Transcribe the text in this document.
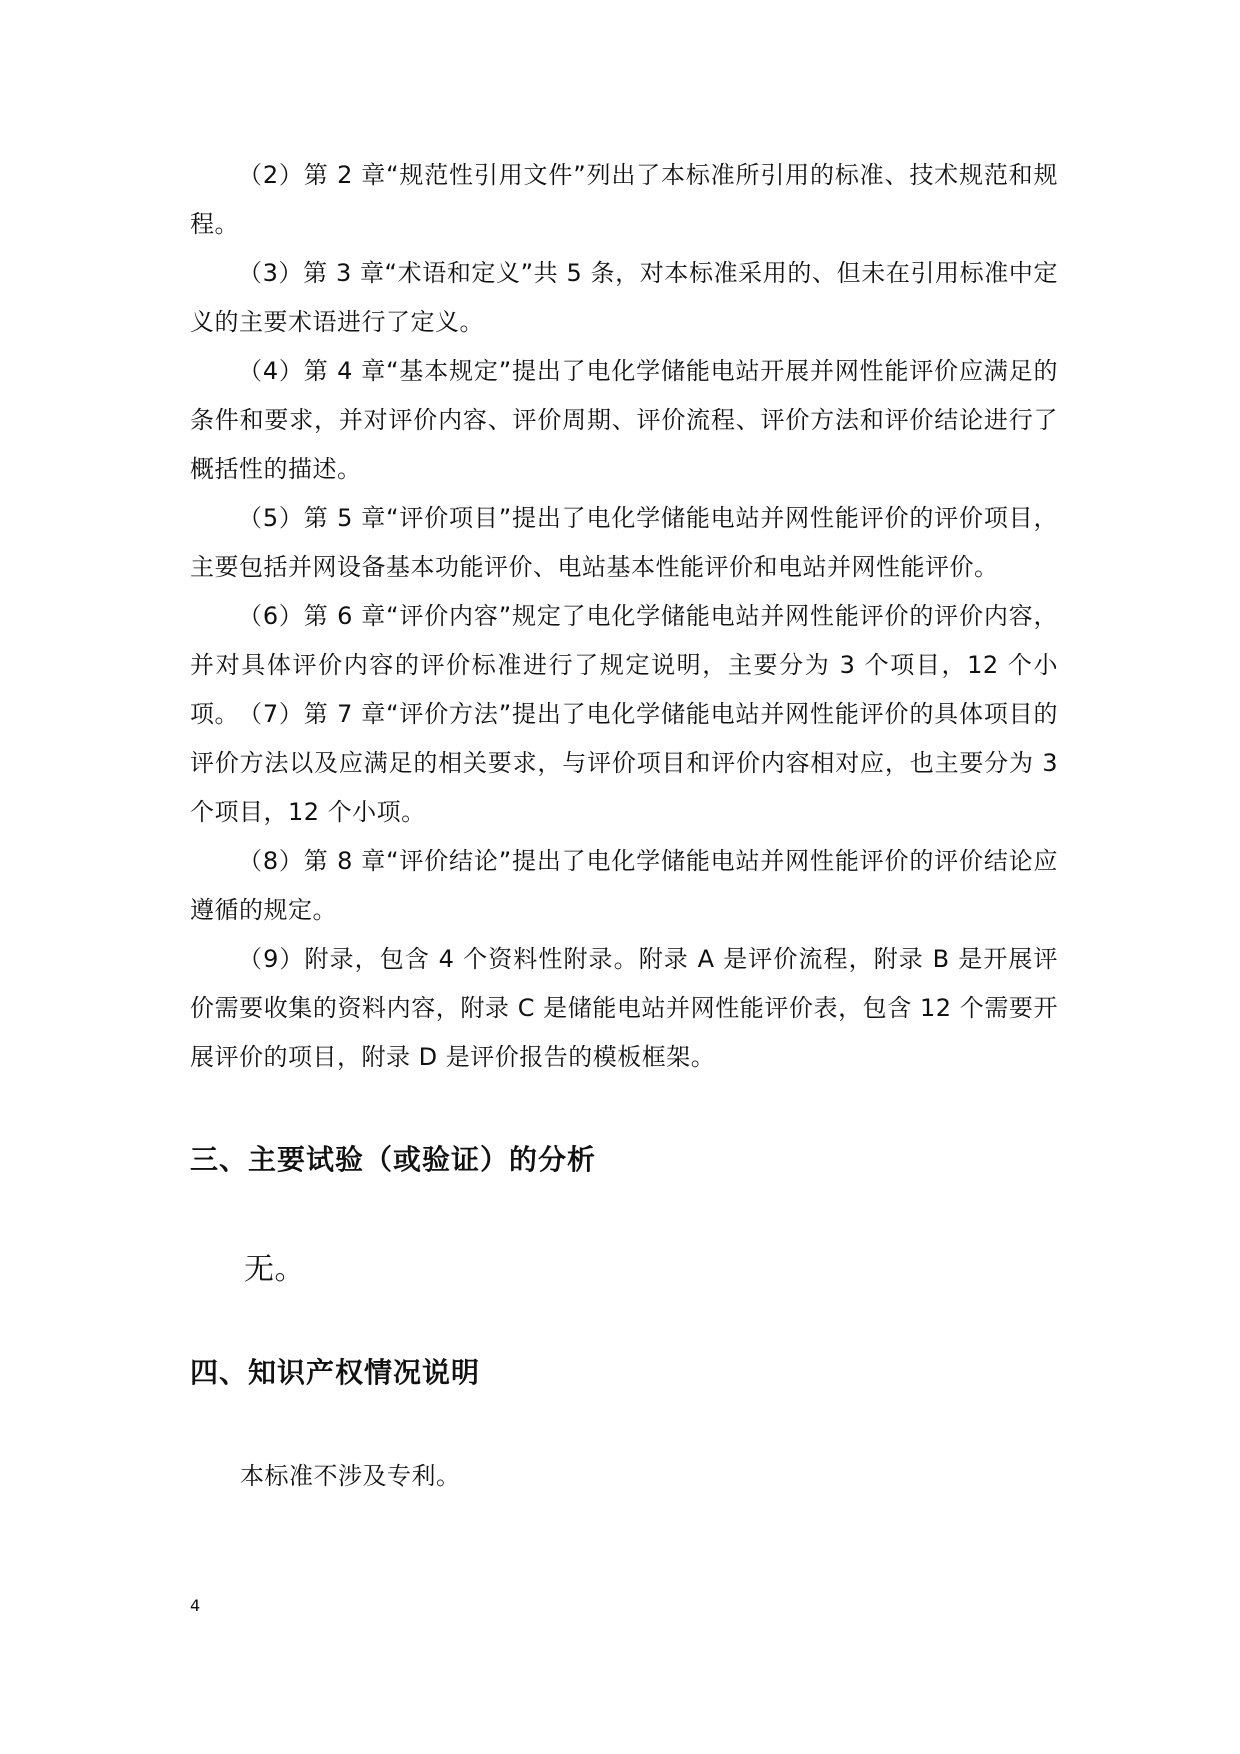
（2）第 2 章“规范性引用文件”列出了本标准所引用的标准、技术规范和规程。

（3）第 3 章“术语和定义”共 5 条，对本标准采用的、但未在引用标准中定义的主要术语进行了定义。

（4）第 4 章“基本规定”提出了电化学储能电站开展并网性能评价应满足的条件和要求，并对评价内容、评价周期、评价流程、评价方法和评价结论进行了概括性的描述。

（5）第 5 章“评价项目”提出了电化学储能电站并网性能评价的评价项目，主要包括并网设备基本功能评价、电站基本性能评价和电站并网性能评价。

（6）第 6 章“评价内容”规定了电化学储能电站并网性能评价的评价内容，并对具体评价内容的评价标准进行了规定说明，主要分为 3 个项目，12 个小项。 （7）第 7 章“评价方法”提出了电化学储能电站并网性能评价的具体项目的评价方法以及应满足的相关要求，与评价项目和评价内容相对应，也主要分为 3 个项目，12 个小项。

（8）第 8 章“评价结论”提出了电化学储能电站并网性能评价的评价结论应遵循的规定。

（9）附录，包含 4 个资料性附录。附录 A 是评价流程，附录 B 是开展评价需要收集的资料内容，附录 C 是储能电站并网性能评价表，包含 12 个需要开展评价的项目，附录 D 是评价报告的模板框架。

三、主要试验（或验证）的分析

无。

四、知识产权情况说明

本标准不涉及专利。

4
